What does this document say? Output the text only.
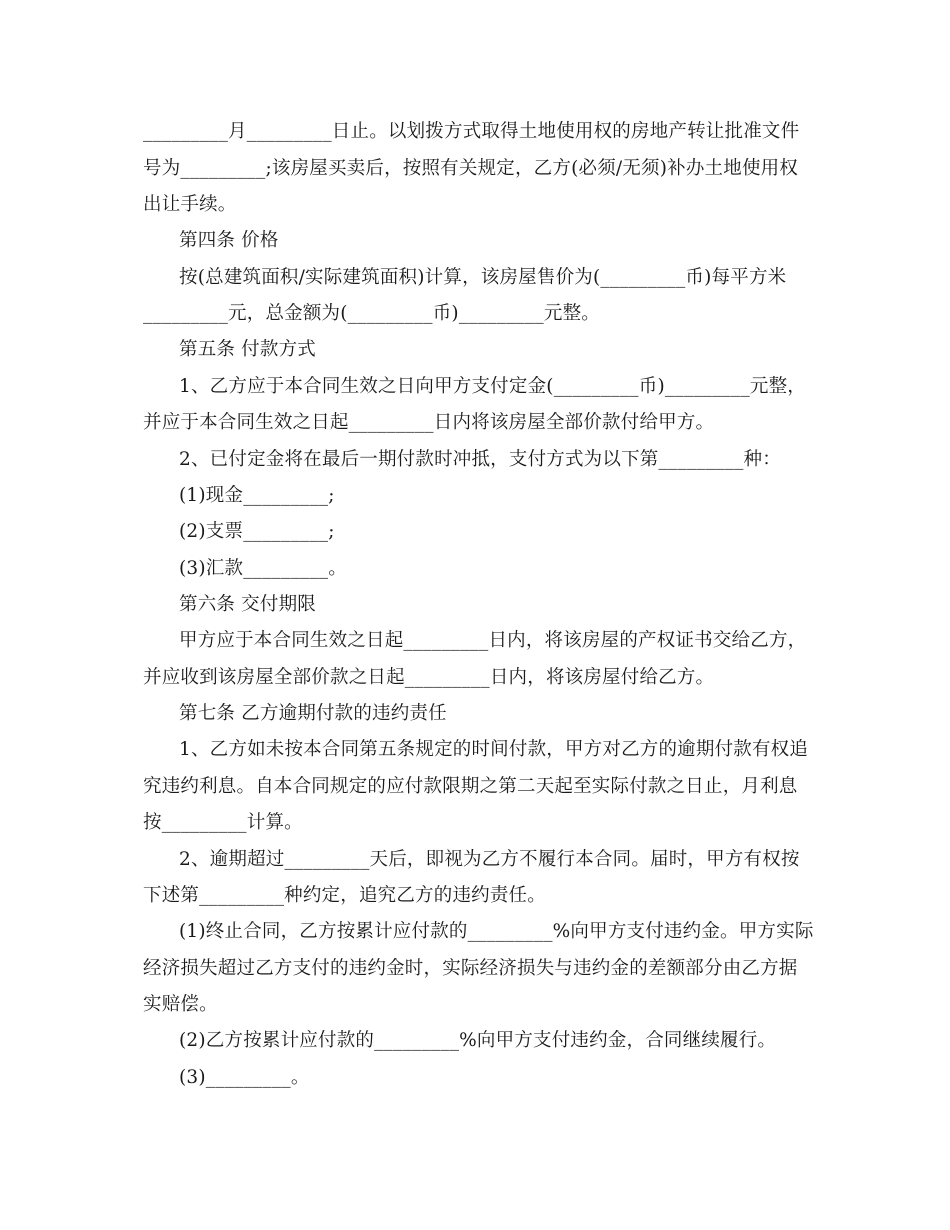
_________月_________日止。以划拨方式取得土地使用权的房地产转让批准文件
号为_________;该房屋买卖后，按照有关规定，乙方(必须/无须)补办土地使用权
出让手续。
第四条 价格
按(总建筑面积/实际建筑面积)计算，该房屋售价为(_________币)每平方米
_________元，总金额为(_________币)_________元整。
第五条 付款方式
1、乙方应于本合同生效之日向甲方支付定金(_________币)_________元整，
并应于本合同生效之日起_________日内将该房屋全部价款付给甲方。
2、已付定金将在最后一期付款时冲抵，支付方式为以下第_________种：
(1)现金_________;
(2)支票_________;
(3)汇款_________。
第六条 交付期限
甲方应于本合同生效之日起_________日内，将该房屋的产权证书交给乙方，
并应收到该房屋全部价款之日起_________日内，将该房屋付给乙方。
第七条 乙方逾期付款的违约责任
1、乙方如未按本合同第五条规定的时间付款，甲方对乙方的逾期付款有权追
究违约利息。自本合同规定的应付款限期之第二天起至实际付款之日止，月利息
按_________计算。
2、逾期超过_________天后，即视为乙方不履行本合同。届时，甲方有权按
下述第_________种约定，追究乙方的违约责任。
(1)终止合同，乙方按累计应付款的_________%向甲方支付违约金。甲方实际
经济损失超过乙方支付的违约金时，实际经济损失与违约金的差额部分由乙方据
实赔偿。
(2)乙方按累计应付款的_________%向甲方支付违约金，合同继续履行。
(3)_________。
